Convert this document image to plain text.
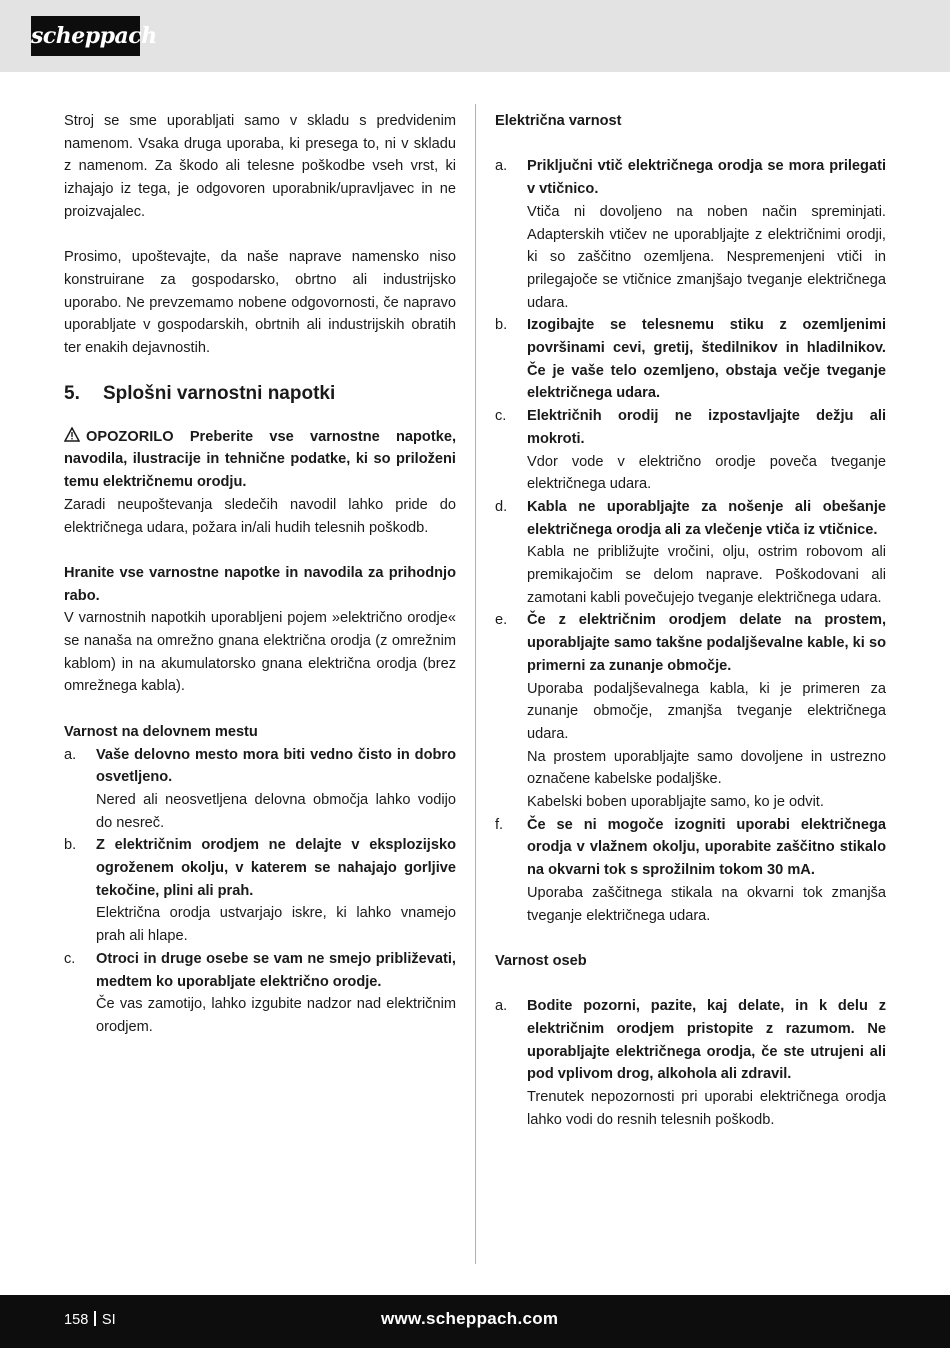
scheppach

Stroj se sme uporabljati samo v skladu s predvidenim namenom. Vsaka druga uporaba, ki presega to, ni v skladu z namenom. Za škodo ali telesne poškodbe vseh vrst, ki izhajajo iz tega, je odgovoren uporabnik/upravljavec in ne proizvajalec.

Prosimo, upoštevajte, da naše naprave namensko niso konstruirane za gospodarsko, obrtno ali industrijsko uporabo. Ne prevzemamo nobene odgovornosti, če napravo uporabljate v gospodarskih, obrtnih ali industrijskih obratih ter enakih dejavnostih.

5. Splošni varnostni napotki

OPOZORILO Preberite vse varnostne napotke, navodila, ilustracije in tehnične podatke, ki so priloženi temu električnemu orodju.

Zaradi neupoštevanja sledečih navodil lahko pride do električnega udara, požara in/ali hudih telesnih poškodb.

Hranite vse varnostne napotke in navodila za prihodnjo rabo.

V varnostnih napotkih uporabljeni pojem »električno orodje« se nanaša na omrežno gnana električna orodja (z omrežnim kablom) in na akumulatorsko gnana električna orodja (brez omrežnega kabla).

Varnost na delovnem mestu

a. Vaše delovno mesto mora biti vedno čisto in dobro osvetljeno.

Nered ali neosvetljena delovna območja lahko vodijo do nesreč.

b. Z električnim orodjem ne delajte v eksplozijsko ogroženem okolju, v katerem se nahajajo gorljive tekočine, plini ali prah.

Električna orodja ustvarjajo iskre, ki lahko vnamejo prah ali hlape.

c. Otroci in druge osebe se vam ne smejo približevati, medtem ko uporabljate električno orodje.

Če vas zamotijo, lahko izgubite nadzor nad električnim orodjem.

Električna varnost

a. Priključni vtič električnega orodja se mora prilegati v vtičnico.

Vtiča ni dovoljeno na noben način spreminjati. Adapterskih vtičev ne uporabljajte z električnimi orodji, ki so zaščitno ozemljena. Nespremenjeni vtiči in prilegajoče se vtičnice zmanjšajo tveganje električnega udara.

b. Izogibajte se telesnemu stiku z ozemljenimi površinami cevi, gretij, štedilnikov in hladilnikov. Če je vaše telo ozemljeno, obstaja večje tveganje električnega udara.

c. Električnih orodij ne izpostavljajte dežju ali mokroti.

Vdor vode v električno orodje poveča tveganje električnega udara.

d. Kabla ne uporabljajte za nošenje ali obešanje električnega orodja ali za vlečenje vtiča iz vtičnice.

Kabla ne približujte vročini, olju, ostrim robovom ali premikajočim se delom naprave. Poškodovani ali zamotani kabli povečujejo tveganje električnega udara.

e. Če z električnim orodjem delate na prostem, uporabljajte samo takšne podaljševalne kable, ki so primerni za zunanje območje.

Uporaba podaljševalnega kabla, ki je primeren za zunanje območje, zmanjša tveganje električnega udara.

Na prostem uporabljajte samo dovoljene in ustrezno označene kabelske podaljške.

Kabelski boben uporabljajte samo, ko je odvit.

f. Če se ni mogoče izogniti uporabi električnega orodja v vlažnem okolju, uporabite zaščitno stikalo na okvarni tok s sprožilnim tokom 30 mA.

Uporaba zaščitnega stikala na okvarni tok zmanjša tveganje električnega udara.

Varnost oseb

a. Bodite pozorni, pazite, kaj delate, in k delu z električnim orodjem pristopite z razumom. Ne uporabljajte električnega orodja, če ste utrujeni ali pod vplivom drog, alkohola ali zdravil.

Trenutek nepozornosti pri uporabi električnega orodja lahko vodi do resnih telesnih poškodb.

158 SI	www.scheppach.com
